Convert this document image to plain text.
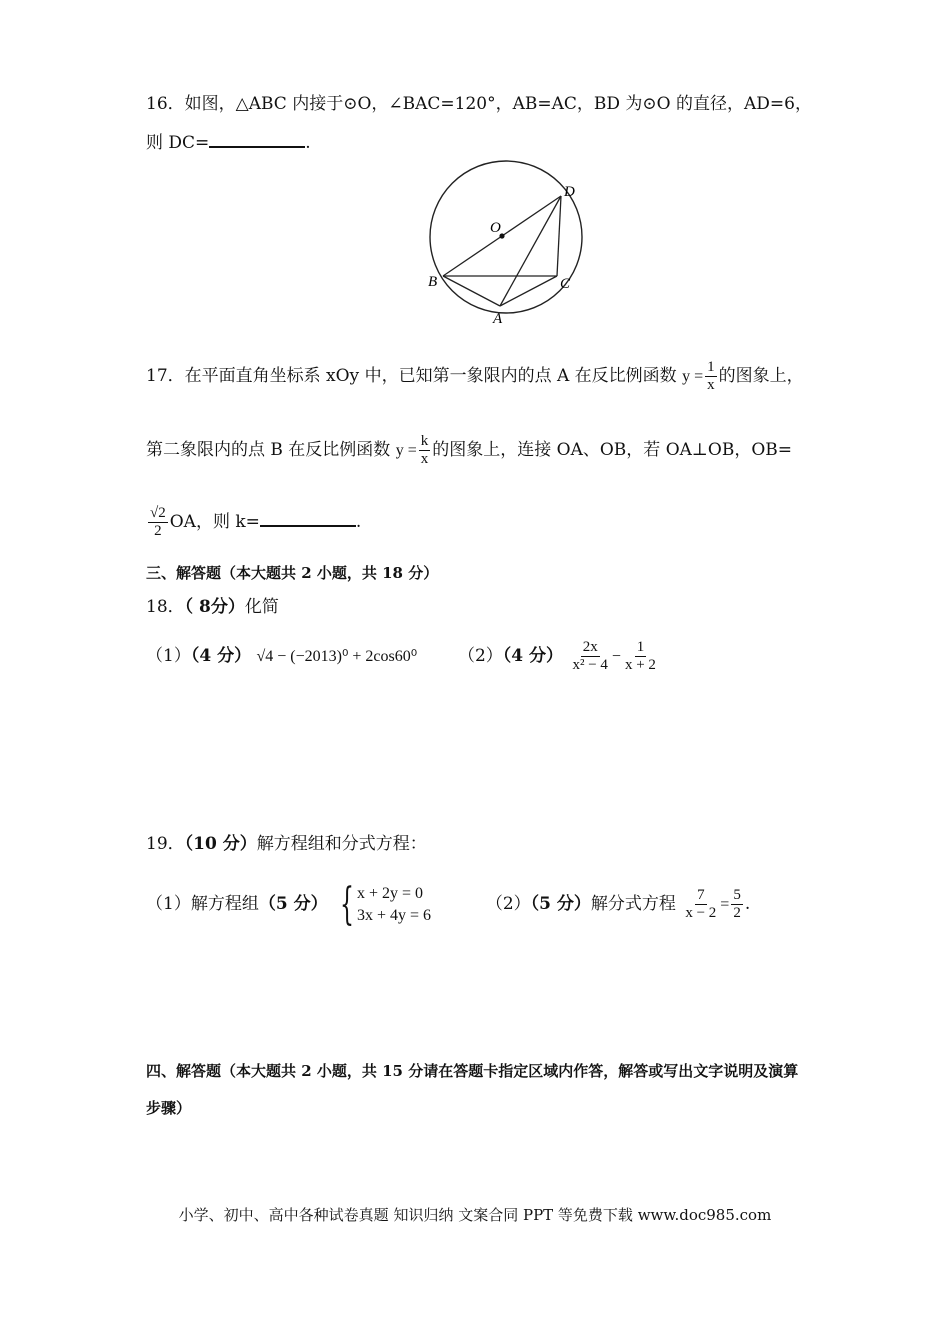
16．如图，△ABC 内接于⊙O，∠BAC=120°，AB=AC，BD 为⊙O 的直径，AD=6，
则 DC=	.
O
D
B	C
A
17．在平面直角坐标系 xOy 中，已知第一象限内的点 A 在反比例函数 $y = \frac{1}{x}$ 的图象上，
第二象限内的点 B 在反比例函数 $y = \frac{k}{x}$ 的图象上，连接 OA、OB，若 OA⊥OB，OB=
$\frac{√2}{2}$ OA，则 k=	.
三、解答题（本大题共 2 小题，共 18 分）
18．（ 8分）化简
（1）（4 分） √4 − (−2013)⁰ + 2cos60⁰ （2）（4 分） $\frac{2x}{\text{x² − 4}} - \frac{1}{x + 2}$
19．（10 分）解方程组和分式方程：
（1）解方程组（5 分） { x + 2y = 0
3x + 4y = 6
（2）（5 分）解分式方程 $\frac{7}{x - 2} = \frac{5}{2}$ .
四、解答题（本大题共 2 小题，共 15 分请在答题卡指定区域内作答，解答或写出文字说明及演算
步骤）
小学、初中、高中各种试卷真题 知识归纳 文案合同 PPT 等免费下载 www.doc985.com
